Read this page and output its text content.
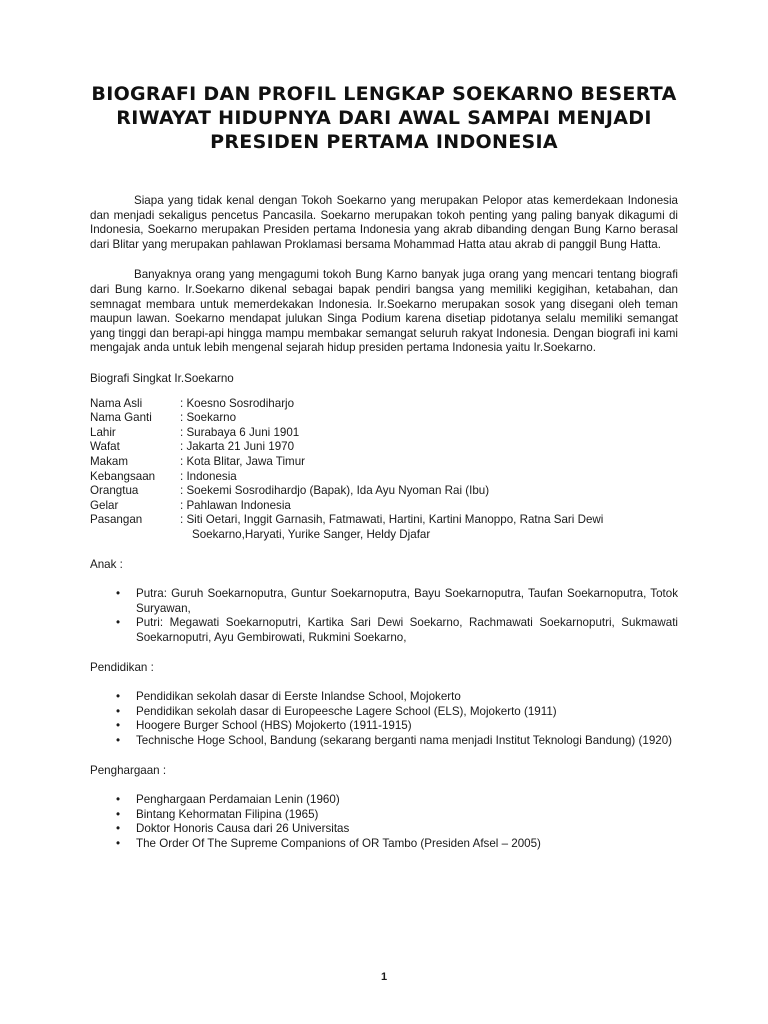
BIOGRAFI DAN PROFIL LENGKAP SOEKARNO BESERTA
RIWAYAT HIDUPNYA DARI AWAL SAMPAI MENJADI
PRESIDEN PERTAMA INDONESIA

Siapa yang tidak kenal dengan Tokoh Soekarno yang merupakan Pelopor atas kemerdekaan Indonesia dan menjadi sekaligus pencetus Pancasila. Soekarno merupakan tokoh penting yang paling banyak dikagumi di Indonesia, Soekarno merupakan Presiden pertama Indonesia yang akrab dibanding dengan Bung Karno berasal dari Blitar yang merupakan pahlawan Proklamasi bersama Mohammad Hatta atau akrab di panggil Bung Hatta.

Banyaknya orang yang mengagumi tokoh Bung Karno banyak juga orang yang mencari tentang biografi dari Bung karno. Ir.Soekarno dikenal sebagai bapak pendiri bangsa yang memiliki kegigihan, ketabahan, dan semnagat membara untuk memerdekakan Indonesia. Ir.Soekarno merupakan sosok yang disegani oleh teman maupun lawan. Soekarno mendapat julukan Singa Podium karena disetiap pidotanya selalu memiliki semangat yang tinggi dan berapi-api hingga mampu membakar semangat seluruh rakyat Indonesia. Dengan biografi ini kami mengajak anda untuk lebih mengenal sejarah hidup presiden pertama Indonesia yaitu Ir.Soekarno.

Biografi Singkat Ir.Soekarno
Nama Asli	: Koesno Sosrodiharjo
Nama Ganti	: Soekarno
Lahir	: Surabaya 6 Juni 1901
Wafat	: Jakarta 21 Juni 1970
Makam	: Kota Blitar, Jawa Timur
Kebangsaan	: Indonesia
Orangtua	: Soekemi Sosrodihardjo (Bapak), Ida Ayu Nyoman Rai (Ibu)
Gelar	: Pahlawan Indonesia
Pasangan	: Siti Oetari, Inggit Garnasih, Fatmawati, Hartini, Kartini Manoppo, Ratna Sari Dewi
Soekarno,Haryati, Yurike Sanger, Heldy Djafar
Anak :
•	Putra: Guruh Soekarnoputra, Guntur Soekarnoputra, Bayu Soekarnoputra, Taufan Soekarnoputra, Totok Suryawan,
•	Putri: Megawati Soekarnoputri, Kartika Sari Dewi Soekarno, Rachmawati Soekarnoputri, Sukmawati Soekarnoputri, Ayu Gembirowati, Rukmini Soekarno,
Pendidikan :
•	Pendidikan sekolah dasar di Eerste Inlandse School, Mojokerto
•	Pendidikan sekolah dasar di Europeesche Lagere School (ELS), Mojokerto (1911)
•	Hoogere Burger School (HBS) Mojokerto (1911-1915)
•	Technische Hoge School, Bandung (sekarang berganti nama menjadi Institut Teknologi Bandung) (1920)
Penghargaan :
•	Penghargaan Perdamaian Lenin (1960)
•	Bintang Kehormatan Filipina (1965)
•	Doktor Honoris Causa dari 26 Universitas
•	The Order Of The Supreme Companions of OR Tambo (Presiden Afsel – 2005)
1
